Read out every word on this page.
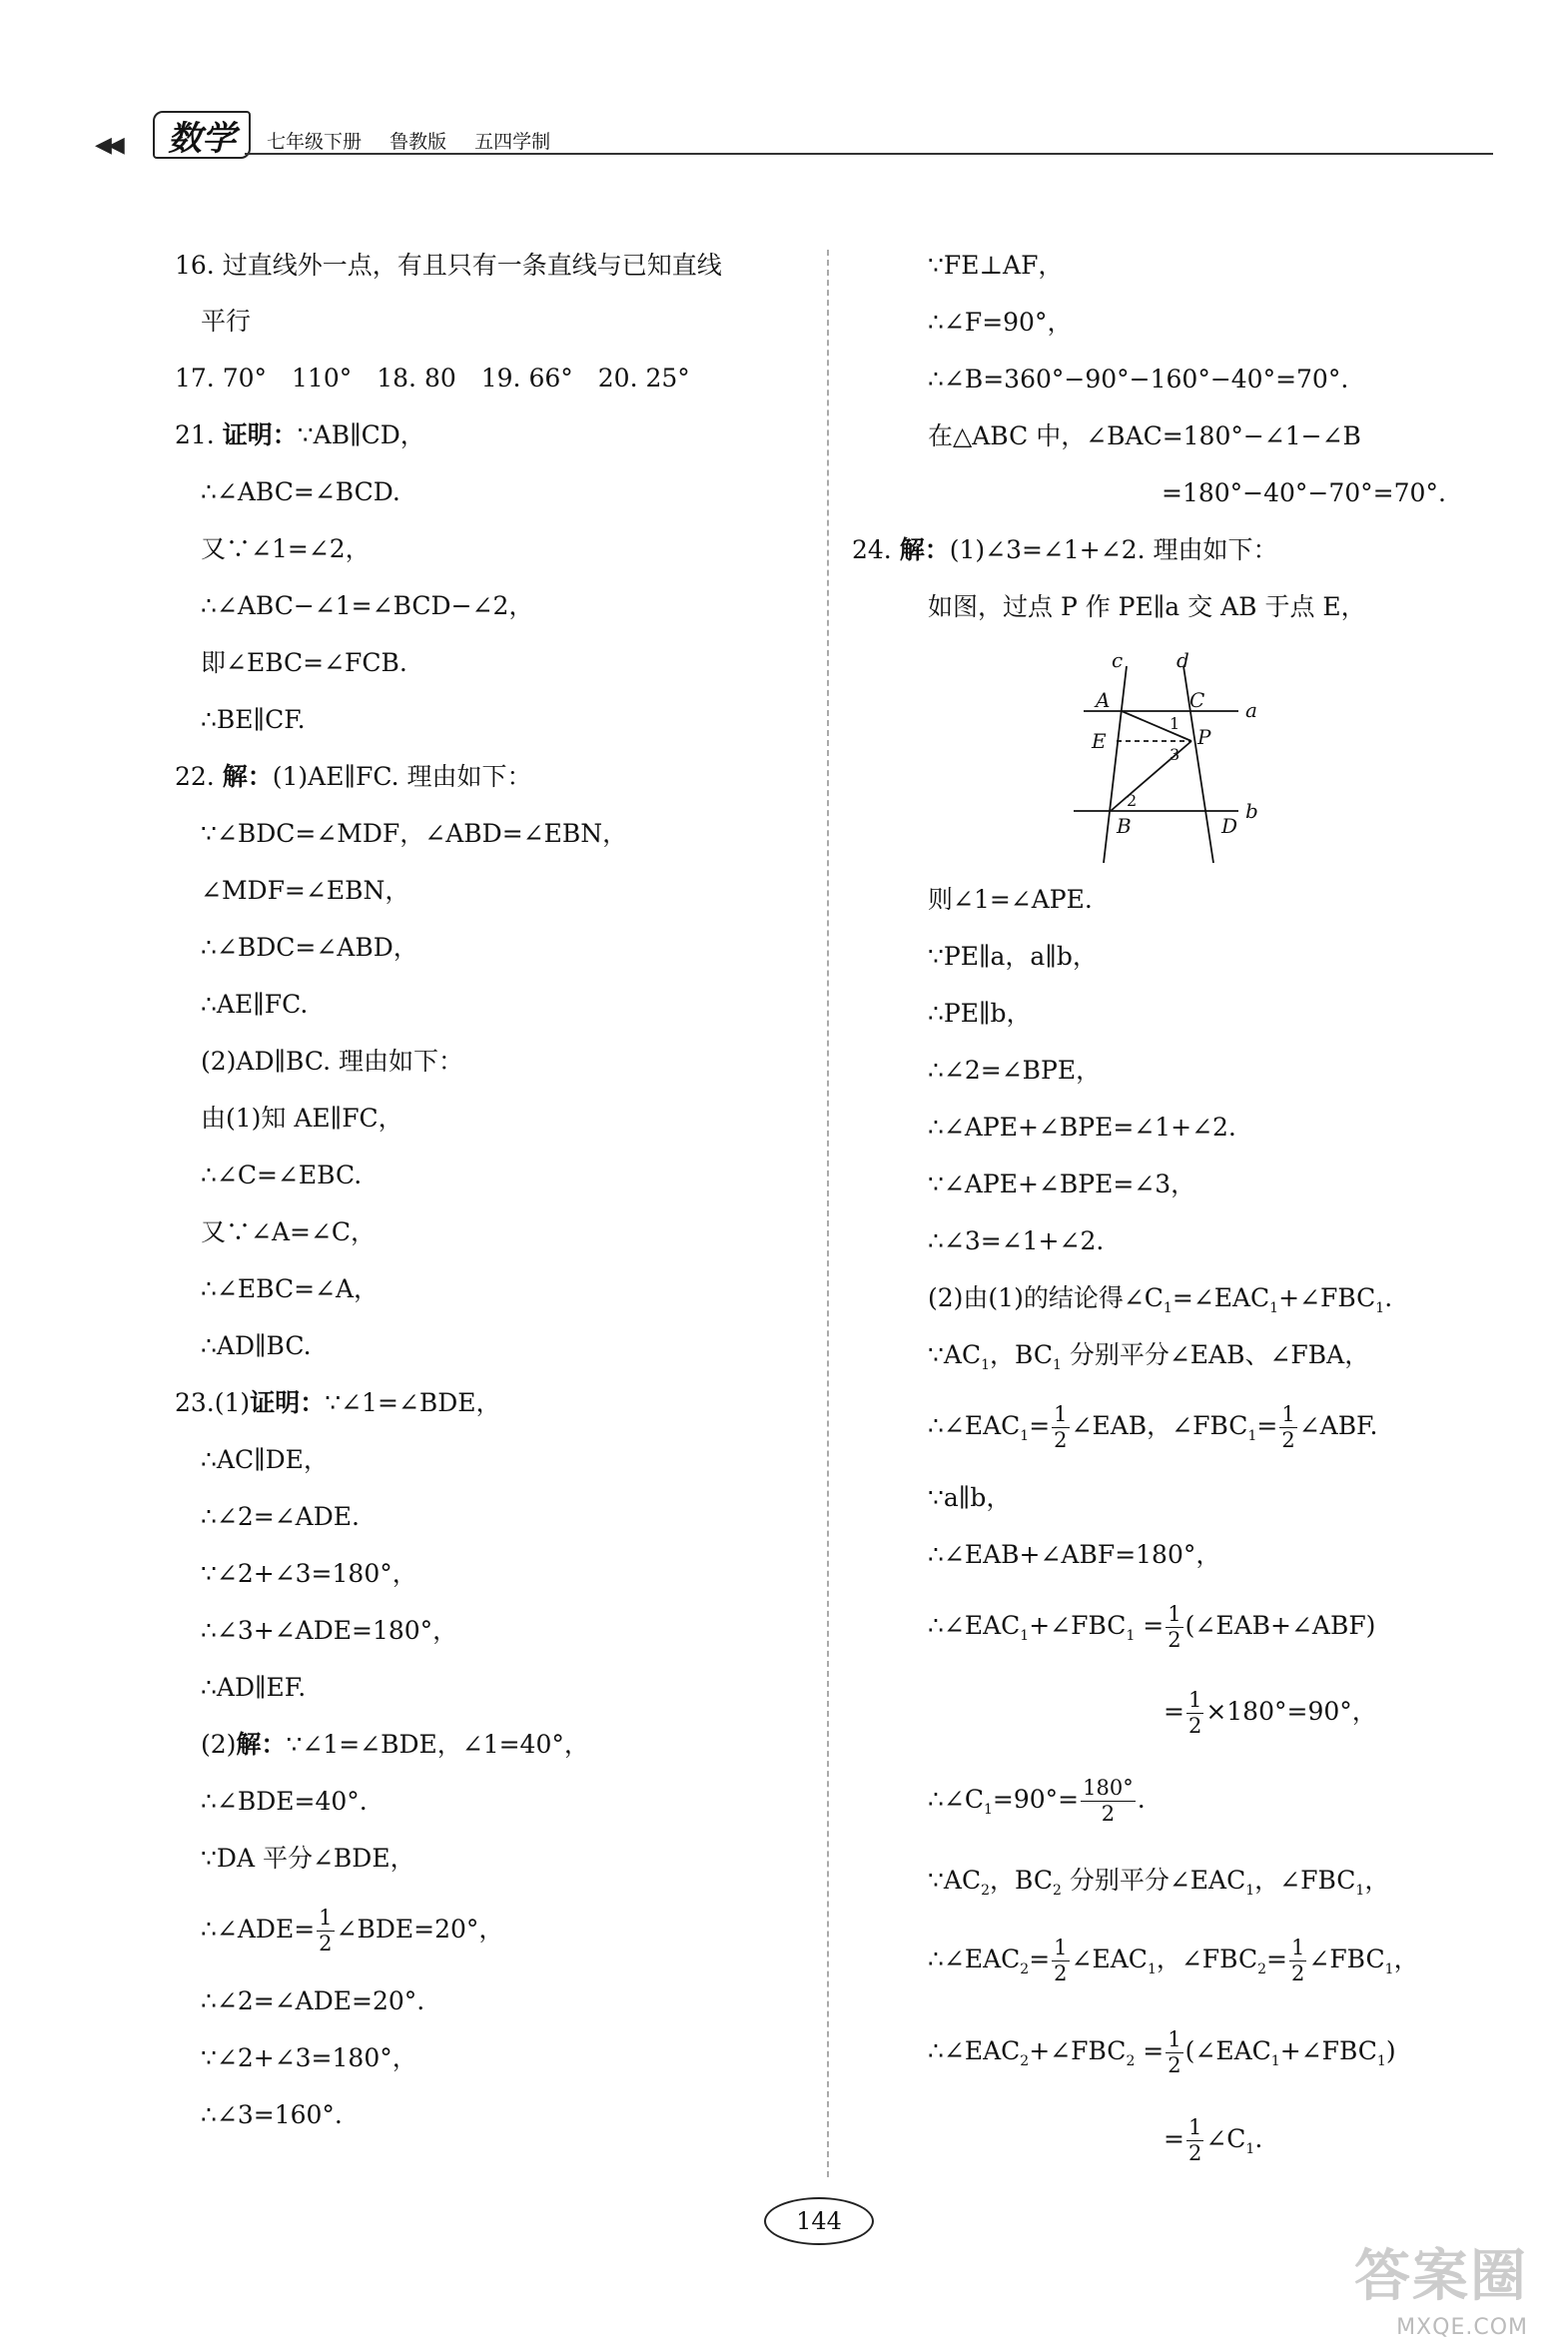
◀◀	数学	七年级下册 鲁教版 五四学制
16. 过直线外一点，有且只有一条直线与已知直线
平行
17. 70°　110°　18. 80　19. 66°　20. 25°
21. 证明：∵AB∥CD，
∴∠ABC=∠BCD.
又∵∠1=∠2，
∴∠ABC−∠1=∠BCD−∠2，
即∠EBC=∠FCB.
∴BE∥CF.
22. 解：(1)AE∥FC. 理由如下：
∵∠BDC=∠MDF，∠ABD=∠EBN，
∠MDF=∠EBN，
∴∠BDC=∠ABD，
∴AE∥FC.
(2)AD∥BC. 理由如下：
由(1)知 AE∥FC，
∴∠C=∠EBC.
又∵∠A=∠C，
∴∠EBC=∠A，
∴AD∥BC.
23.(1)证明：∵∠1=∠BDE，
∴AC∥DE，
∴∠2=∠ADE.
∵∠2+∠3=180°，
∴∠3+∠ADE=180°，
∴AD∥EF.
(2)解：∵∠1=∠BDE，∠1=40°，
∴∠BDE=40°.
∵DA 平分∠BDE，
∴∠ADE= $\frac{1}{2}$ ∠BDE=20°，
∴∠2=∠ADE=20°.
∵∠2+∠3=180°，
∴∠3=160°.
∵FE⊥AF，
∴∠F=90°，
∴∠B=360°−90°−160°−40°=70°.
在△ABC 中，∠BAC=180°−∠1−∠B
=180°−40°−70°=70°.
24. 解：(1)∠3=∠1+∠2. 理由如下：
如图，过点 P 作 PE∥a 交 AB 于点 E，
则∠1=∠APE.
∵PE∥a，a∥b，
∴PE∥b，
∴∠2=∠BPE，
∴∠APE+∠BPE=∠1+∠2.
∵∠APE+∠BPE=∠3，
∴∠3=∠1+∠2.
(2)由(1)的结论得$\angle C_1=\angle EAC_1+\angle FBC_1$.
$\because AC_1$，$BC_1$ 分别平分∠EAB、∠FBA，
$\therefore\angle EAC_1= \frac{1}{2}$ ∠EAB，$\angle FBC_1= \frac{1}{2}$ ∠ABF.
∵a∥b，
∴∠EAB+∠ABF=180°，
$\therefore\angle EAC_1+\angle FBC_1 = \frac{1}{2}$ (∠EAB+∠ABF)
= $\frac{1}{2} \times 180^\circ=90^\circ$，
$\therefore\angle C_1=90^\circ= \frac{180^\circ}{2}$ .
$\because AC_2$，$BC_2$ 分别平分$\angle EAC_1$，$\angle FBC_1$，
$\therefore\angle EAC_2= \frac{1}{2}$ $\angle EAC_1$，$\angle FBC_2= \frac{1}{2}$ $\angle FBC_1$，
$\therefore\angle EAC_2+\angle FBC_2 = \frac{1}{2}$ $(\angle EAC_1+\angle FBC_1)$
= $\frac{1}{2}$ $\angle C_1$.
c	d
A	C a
E	P
B	D
b
1
3
2
144
答案圈
MXQE.COM
